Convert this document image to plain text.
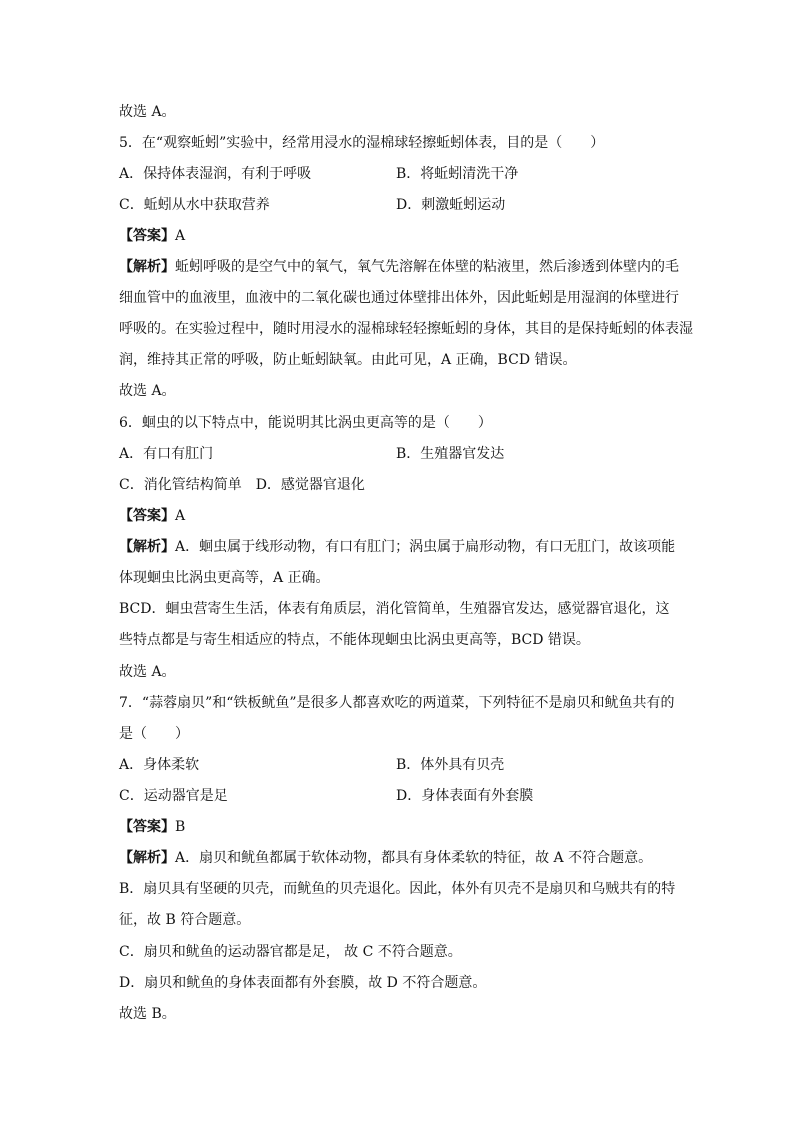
故选 A。
5．在“观察蚯蚓”实验中，经常用浸水的湿棉球轻擦蚯蚓体表，目的是（　　）
A．保持体表湿润，有利于呼吸	B．将蚯蚓清洗干净
C．蚯蚓从水中获取营养	D．刺激蚯蚓运动
【答案】A
【解析】蚯蚓呼吸的是空气中的氧气，氧气先溶解在体壁的粘液里，然后渗透到体壁内的毛
细血管中的血液里，血液中的二氧化碳也通过体壁排出体外，因此蚯蚓是用湿润的体壁进行
呼吸的。在实验过程中，随时用浸水的湿棉球轻轻擦蚯蚓的身体，其目的是保持蚯蚓的体表湿
润，维持其正常的呼吸，防止蚯蚓缺氧。由此可见，A 正确，BCD 错误。
故选 A。
6．蛔虫的以下特点中，能说明其比涡虫更高等的是（　　）
A．有口有肛门	B．生殖器官发达
C．消化管结构简单　D．感觉器官退化
【答案】A
【解析】A．蛔虫属于线形动物，有口有肛门；涡虫属于扁形动物，有口无肛门，故该项能
体现蛔虫比涡虫更高等，A 正确。
BCD．蛔虫营寄生生活，体表有角质层，消化管简单，生殖器官发达，感觉器官退化，这
些特点都是与寄生相适应的特点，不能体现蛔虫比涡虫更高等，BCD 错误。
故选 A。
7．“蒜蓉扇贝”和“铁板鱿鱼”是很多人都喜欢吃的两道菜，下列特征不是扇贝和鱿鱼共有的
是（　　）
A．身体柔软	B．体外具有贝壳
C．运动器官是足	D．身体表面有外套膜
【答案】B
【解析】A．扇贝和鱿鱼都属于软体动物，都具有身体柔软的特征，故 A 不符合题意。
B．扇贝具有坚硬的贝壳，而鱿鱼的贝壳退化。因此，体外有贝壳不是扇贝和乌贼共有的特
征，故 B 符合题意。
C．扇贝和鱿鱼的运动器官都是足， 故 C 不符合题意。
D．扇贝和鱿鱼的身体表面都有外套膜，故 D 不符合题意。
故选 B。
